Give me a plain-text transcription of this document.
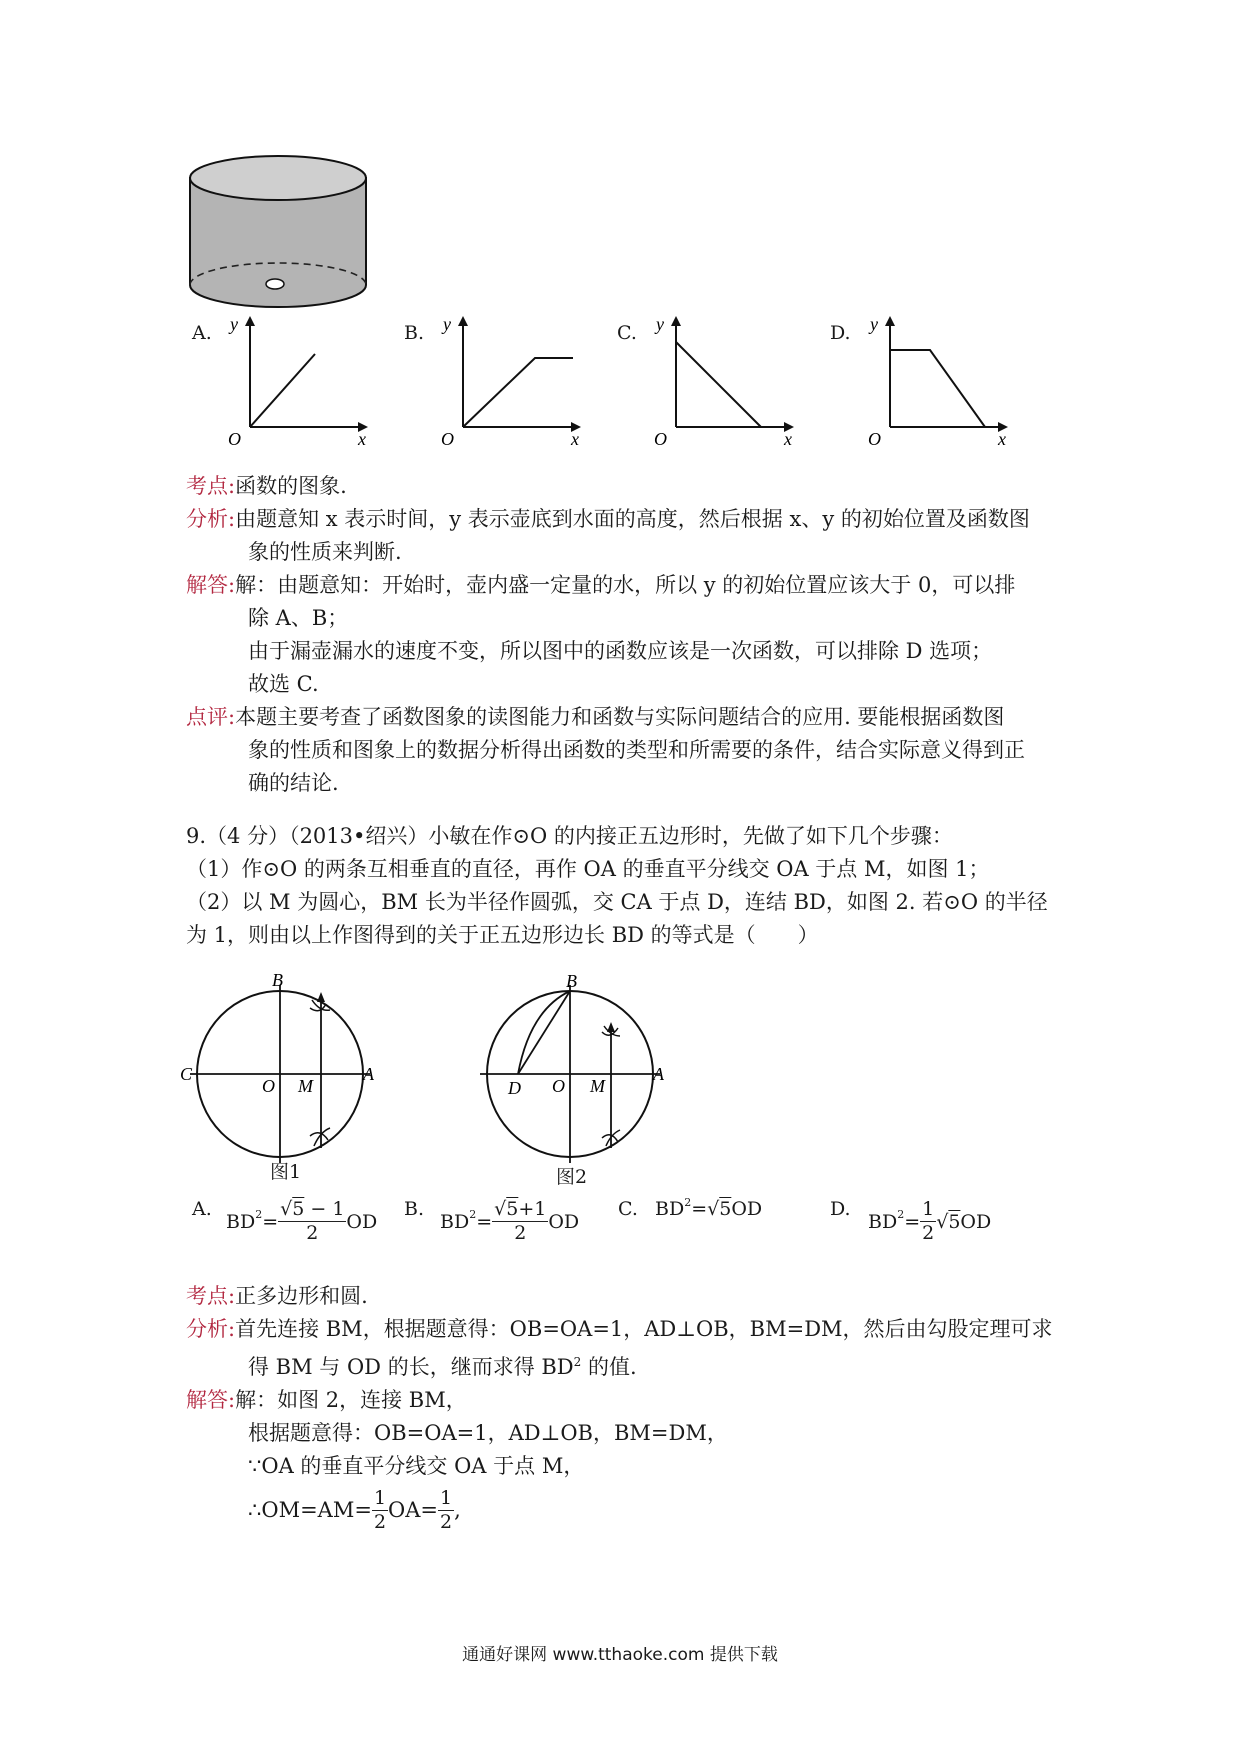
A. y
O	x
B. y
O	x
C. y
O	x
D. y
O	x
考点:函数的图象.
分析:由题意知 x 表示时间，y 表示壶底到水面的高度，然后根据 x、y 的初始位置及函数图
象的性质来判断.
解答:解：由题意知：开始时，壶内盛一定量的水，所以 y 的初始位置应该大于 0，可以排
除 A、B；
由于漏壶漏水的速度不变，所以图中的函数应该是一次函数，可以排除 D 选项；
故选 C.
点评:本题主要考查了函数图象的读图能力和函数与实际问题结合的应用. 要能根据函数图
象的性质和图象上的数据分析得出函数的类型和所需要的条件，结合实际意义得到正
确的结论.
9.（4 分）（2013•绍兴）小敏在作⊙O 的内接正五边形时，先做了如下几个步骤：
（1）作⊙O 的两条互相垂直的直径，再作 OA 的垂直平分线交 OA 于点 M，如图 1；
（2）以 M 为圆心，BM 长为半径作圆弧，交 CA 于点 D，连结 BD，如图 2. 若⊙O 的半径
为 1，则由以上作图得到的关于正五边形边长 BD 的等式是（　　）
B
C
O M
A
图1
B
D O M
A
图2
A.
$BD^2 = \frac{√5 - 1}{2}$ OD
B.
$BD^2 = \frac{√5+1}{2}$ OD
C. $BD^2 = √5$ OD	D.
$BD^2 = \frac{1}{2} √5$ OD
考点:正多边形和圆.
分析:首先连接 BM，根据题意得：OB=OA=1，AD⊥OB，BM=DM，然后由勾股定理可求
得 BM 与 OD 的长，继而求得 $BD^2$ 的值.
解答:解：如图 2，连接 BM，
根据题意得：OB=OA=1，AD⊥OB，BM=DM，
∵OA 的垂直平分线交 OA 于点 M，
∴OM=AM= $\frac{1}{2} OA= \frac{1}{2}$ ,
通通好课网 www.tthaoke.com 提供下载
